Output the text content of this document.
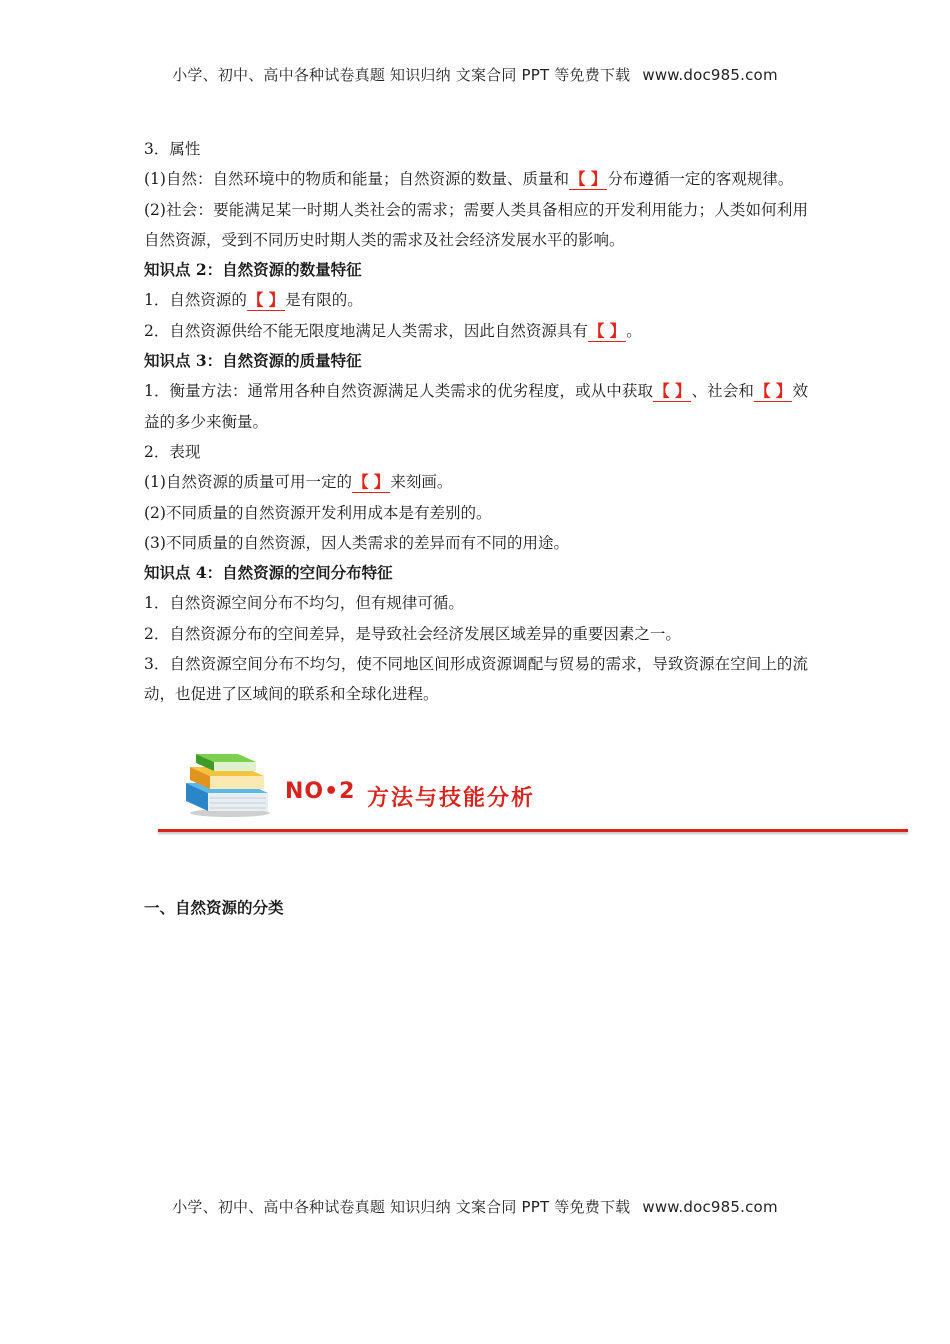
小学、初中、高中各种试卷真题 知识归纳 文案合同 PPT 等免费下载 www.doc985.com

3．属性

(1)自然：自然环境中的物质和能量；自然资源的数量、质量和【 】分布遵循一定的客观规律。

(2)社会：要能满足某一时期人类社会的需求；需要人类具备相应的开发利用能力；人类如何利用自然资源，受到不同历史时期人类的需求及社会经济发展水平的影响。

知识点 2：自然资源的数量特征

1．自然资源的【 】是有限的。

2．自然资源供给不能无限度地满足人类需求，因此自然资源具有【 】。

知识点 3：自然资源的质量特征

1．衡量方法：通常用各种自然资源满足人类需求的优劣程度，或从中获取【 】、社会和【 】效益的多少来衡量。

2．表现

(1)自然资源的质量可用一定的【 】来刻画。

(2)不同质量的自然资源开发利用成本是有差别的。

(3)不同质量的自然资源，因人类需求的差异而有不同的用途。

知识点 4：自然资源的空间分布特征

1．自然资源空间分布不均匀，但有规律可循。

2．自然资源分布的空间差异，是导致社会经济发展区域差异的重要因素之一。

3．自然资源空间分布不均匀，使不同地区间形成资源调配与贸易的需求，导致资源在空间上的流动，也促进了区域间的联系和全球化进程。

NO•2 方法与技能分析
一、自然资源的分类
小学、初中、高中各种试卷真题 知识归纳 文案合同 PPT 等免费下载 www.doc985.com
